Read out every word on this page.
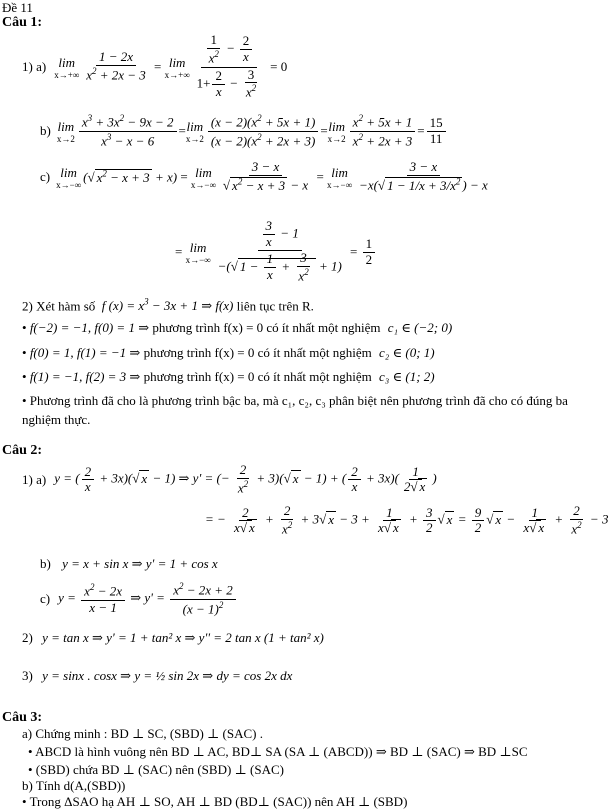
Đề 11
Câu 1:
1) a) lim
$x\to+\infty \frac{1 - 2x}{x^2 + 2x - 3} = \lim$
$x\to+\infty \frac{\frac{1}{x^2} - \frac{2}{x}}{1+ \frac{2}{x} - \frac{3}{x^2}} = 0$
b) lim
$x\to 2 \frac{x^3 + 3x^2 - 9x - 2}{x^3 - x - 6} = \lim$
$x\to 2 \frac{(x - 2)(x^2 + 5x + 1)}{(x - 2)(x^2 + 2x + 3)} = \lim$
$x\to 2 \frac{x^2 + 5x + 1}{x^2 + 2x + 3} = \frac{15}{11}$
c) lim
x→−∞ (√ $x^2 - x + 3 + x) = \lim$
$x\to-\infty \frac{3 - x}{√ x^2 - x + 3 - x} = \lim$
x→−∞
3 − x
−x(√ $1 - 1/x + 3/x^2$ ) − x
= lim
$x\to-\infty \frac{\frac{3}{x} - 1}{-(√ 1 - \frac{1}{x} + \frac{3}{x^2} + 1)} = \frac{1}{2}$
2) Xét hàm số  f $(x) = x^3 - 3x + 1$ ⇒ f(x) liên tục trên R.
• f(−2) = −1, f(0) = 1 ⇒ phương trình f(x) = 0 có ít nhất một nghiệm c₁ ∈ (−2; 0)
• f(0) = 1, f(1) = −1 ⇒ phương trình f(x) = 0 có ít nhất một nghiệm c₂ ∈ (0; 1)
• f(1) = −1, f(2) = 3 ⇒ phương trình f(x) = 0 có ít nhất một nghiệm c₃ ∈ (1; 2)
• Phương trình đã cho là phương trình bậc ba, mà c₁, c₂, c₃ phân biệt nên phương trình đã cho có đúng ba
nghiệm thực.
Câu 2:
1) a) y = ( $\frac{2}{x} + 3x)(√$ x − 1) ⇒ y' = (− $\frac{2}{x^2} + 3)(√$ x − 1) + ( $\frac{2}{x} + 3x)( \frac{1}{2√ x}$ )
= − $\frac{2}{x√ x} + \frac{2}{x^2} + 3√$ $x - 3 + \frac{1}{x√ x} + \frac{3}{2}$ √ $x = \frac{9}{2}$ √ $x - \frac{1}{x√ x} + \frac{2}{x^2} - 3$
b) y = x + sin x ⇒ y' = 1 + cos x
c) $y = \frac{x^2 - 2x}{x - 1}$ ⇒ $y' = \frac{x^2 - 2x + 2}{(x - 1)^2}$
2) y = tan x ⇒ y' = 1 + tan² x ⇒ y'' = 2 tan x (1 + tan² x)
3) y = sinx . cosx ⇒ y = ½ sin 2x ⇒ dy = cos 2x dx
Câu 3:
a) Chứng minh : BD ⊥ SC, (SBD) ⊥ (SAC) .
• ABCD là hình vuông nên BD ⊥ AC, BD⊥ SA (SA ⊥ (ABCD)) ⇒ BD ⊥ (SAC) ⇒ BD ⊥SC
• (SBD) chứa BD ⊥ (SAC) nên (SBD) ⊥ (SAC)
b) Tính d(A,(SBD))
• Trong ΔSAO hạ AH ⊥ SO, AH ⊥ BD (BD⊥ (SAC)) nên AH ⊥ (SBD)
